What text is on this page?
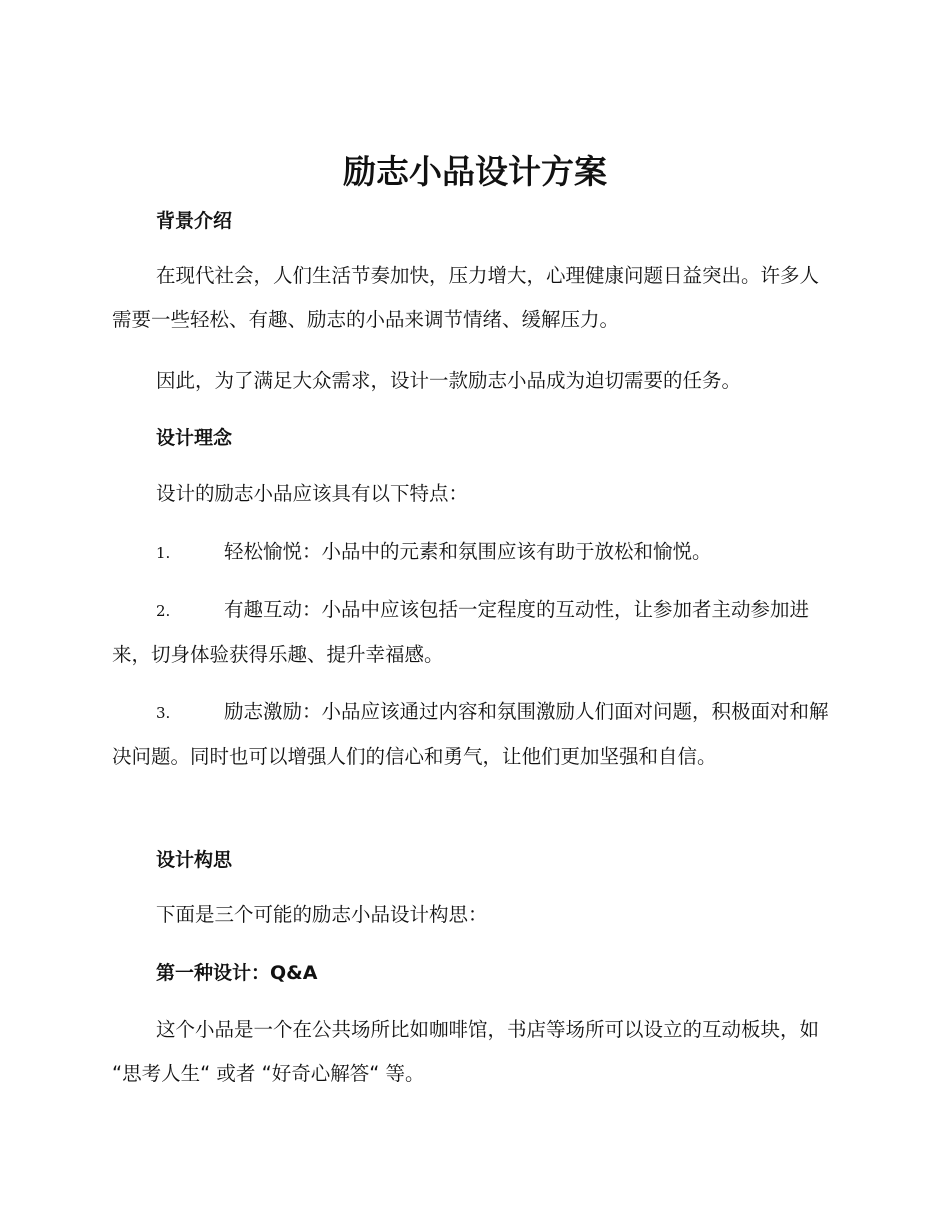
励志小品设计方案
背景介绍

在现代社会，人们生活节奏加快，压力增大，心理健康问题日益突出。许多人需要一些轻松、有趣、励志的小品来调节情绪、缓解压力。

因此，为了满足大众需求，设计一款励志小品成为迫切需要的任务。

设计理念

设计的励志小品应该具有以下特点：

1.	轻松愉悦：小品中的元素和氛围应该有助于放松和愉悦。

2.	有趣互动：小品中应该包括一定程度的互动性，让参加者主动参加进来，切身体验获得乐趣、提升幸福感。

3.	励志激励：小品应该通过内容和氛围激励人们面对问题，积极面对和解决问题。同时也可以增强人们的信心和勇气，让他们更加坚强和自信。

设计构思

下面是三个可能的励志小品设计构思：

第一种设计：Q&A

这个小品是一个在公共场所比如咖啡馆，书店等场所可以设立的互动板块，如 “思考人生“ 或者 “好奇心解答“ 等。
